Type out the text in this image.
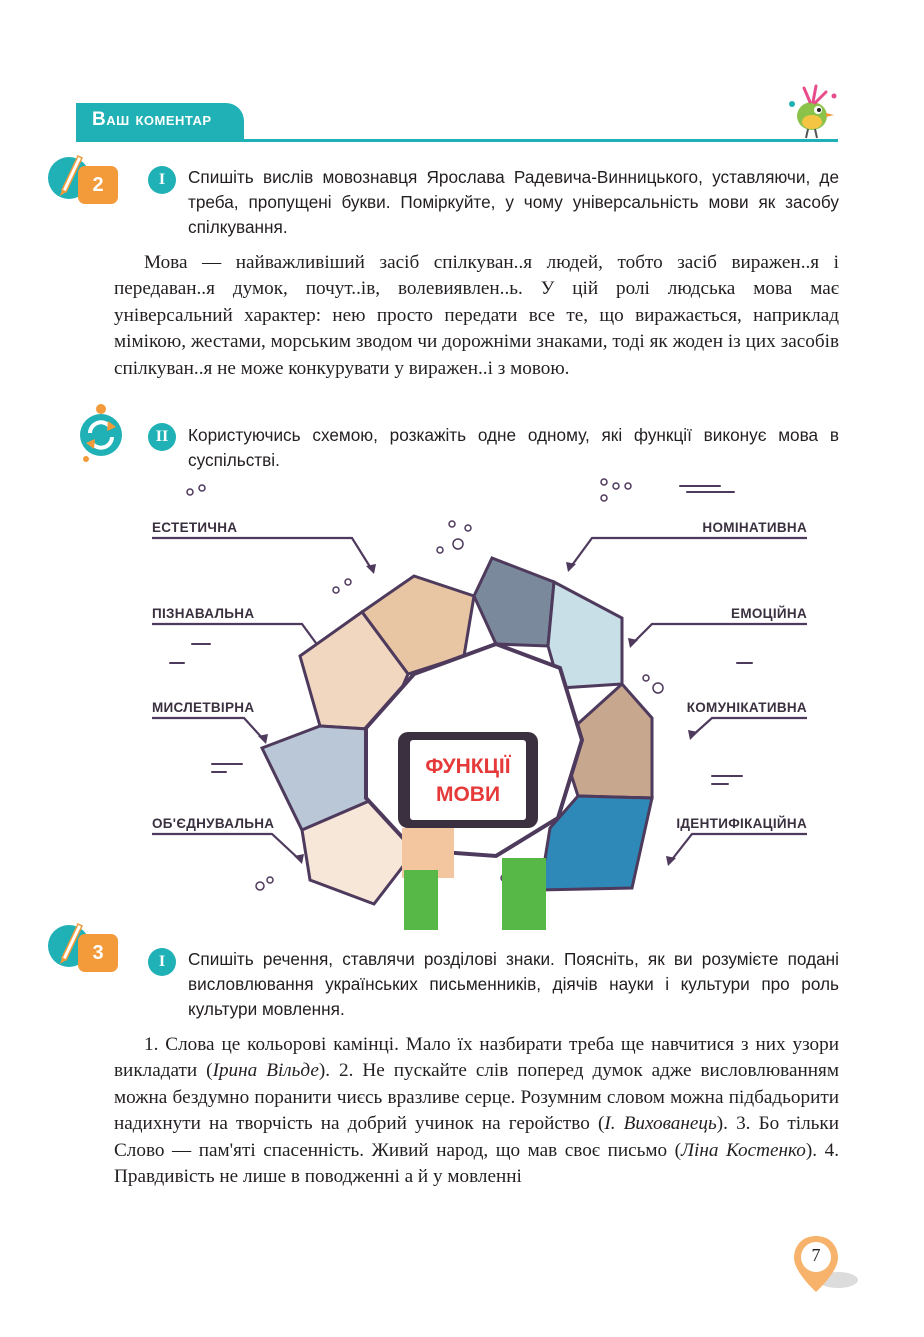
Ваш коментар
2	I	Спишіть вислів мовознавця Ярослава Радевича-Винницького, уставляючи, де треба, пропущені букви. Поміркуйте, у чому універсальність мови як засобу спілкування.

Мова — найважливіший засіб спілкуван..я людей, тобто засіб виражен..я і передаван..я думок, почут..ів, волевиявлен..ь. У цій ролі людська мова має універсальний характер: нею просто передати все те, що виражається, наприклад мімікою, жестами, морським зводом чи дорожніми знаками, тоді як жоден із цих засобів спілкуван..я не може конкурувати у виражен..і з мовою.

II	Користуючись схемою, розкажіть одне одному, які функції виконує мова в суспільстві.
ФУНКЦІЇ
МОВИ
ЕСТЕТИЧНА
ПІЗНАВАЛЬНА
МИСЛЕТВІРНА
ОБ'ЄДНУВАЛЬНА
НОМІНАТИВНА
ЕМОЦІЙНА
КОМУНІКАТИВНА
ІДЕНТИФІКАЦІЙНА
3	I	Спишіть речення, ставлячи розділові знаки. Поясніть, як ви розумієте подані висловлювання українських письменників, діячів науки і культури про роль культури мовлення.

1. Слова це кольорові камінці. Мало їх назбирати треба ще навчитися з них узори викладати (Ірина Вільде). 2. Не пускайте слів поперед думок адже висловлюванням можна бездумно поранити чиєсь вразливе серце. Розумним словом можна підбадьорити надихнути на творчість на добрий учинок на геройство (І. Вихованець). 3. Бо тільки Слово — пам'яті спасенність. Живий народ, що мав своє письмо (Ліна Костенко). 4. Правдивість не лише в поводженні а й у мовленні

7
